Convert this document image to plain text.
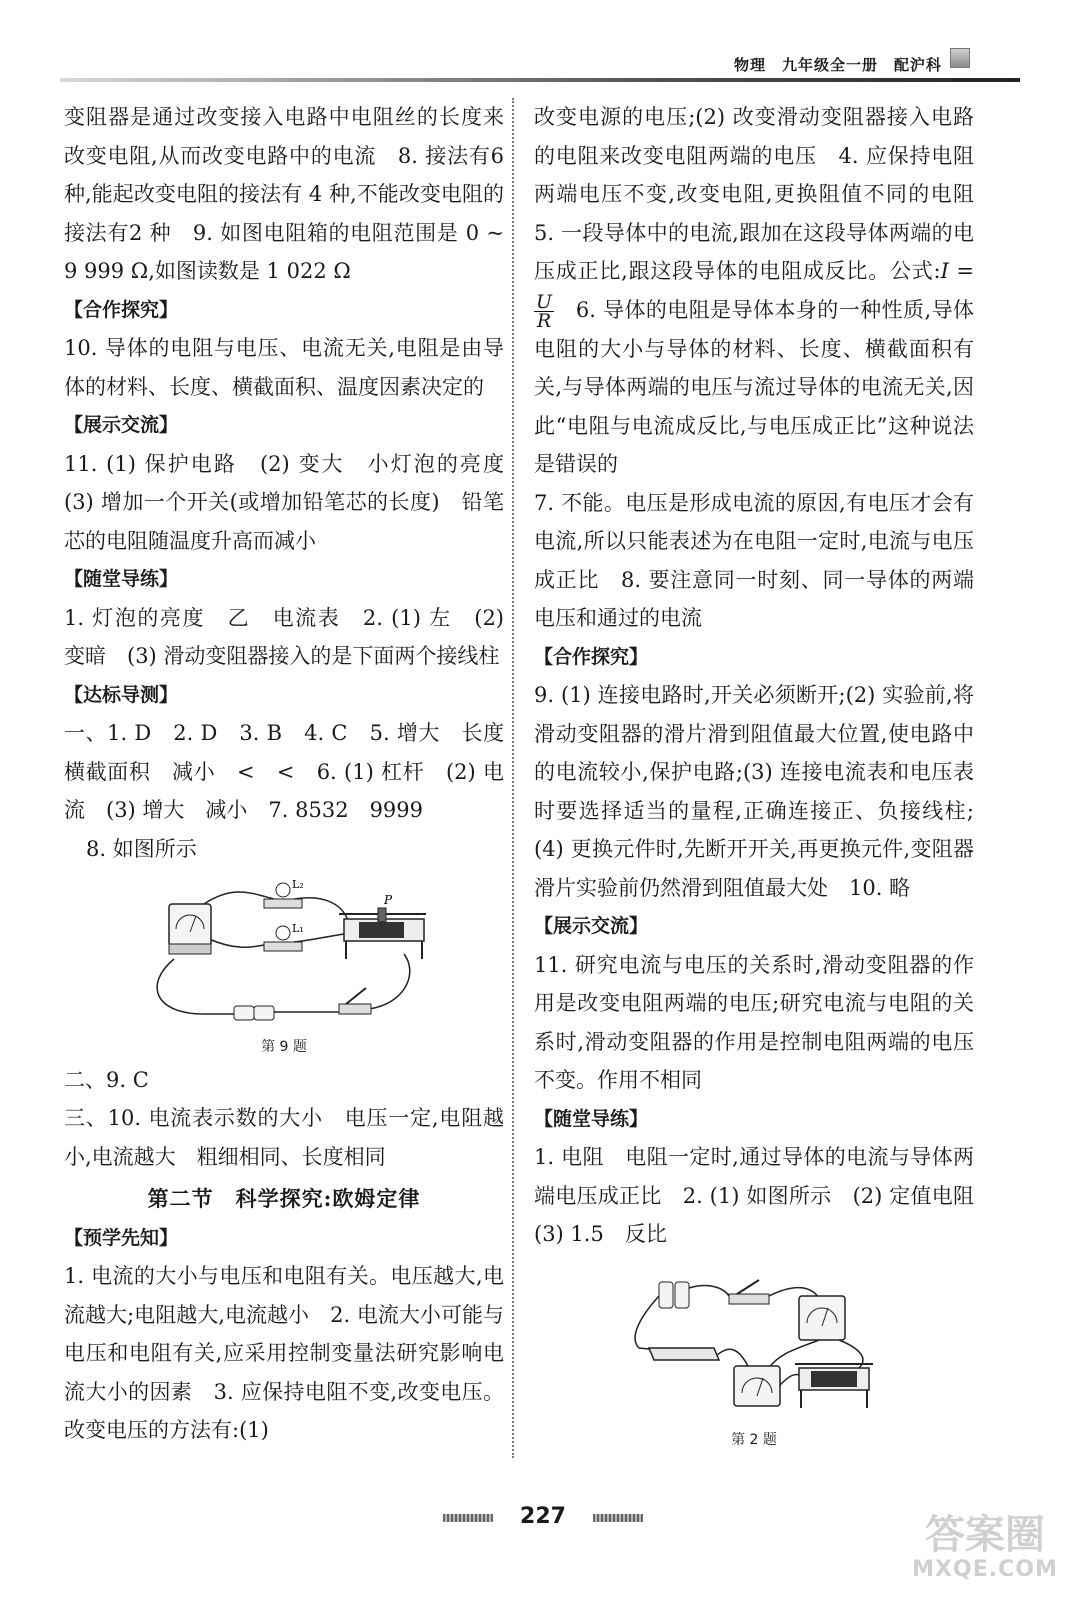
物理　九年级全一册　配沪科

变阻器是通过改变接入电路中电阻丝的长度来改变电阻,从而改变电路中的电流　8. 接法有6 种,能起改变电阻的接法有 4 种,不能改变电阻的接法有2 种　9. 如图电阻箱的电阻范围是 0 ~ 9 999 Ω,如图读数是 1 022 Ω

【合作探究】

10. 导体的电阻与电压、电流无关,电阻是由导体的材料、长度、横截面积、温度因素决定的

【展示交流】

11. (1) 保护电路　(2) 变大　小灯泡的亮度　(3) 增加一个开关(或增加铅笔芯的长度)　铅笔芯的电阻随温度升高而减小

【随堂导练】

1. 灯泡的亮度　乙　电流表　2. (1) 左　(2) 变暗　(3) 滑动变阻器接入的是下面两个接线柱

【达标导测】

一、1. D　2. D　3. B　4. C　5. 增大　长度　横截面积　减小　<　<　6. (1) 杠杆　(2) 电流　(3) 增大　减小　7. 8532　9999

8. 如图所示

L₂
L₁
P

第 9 题

二、9. C

三、10. 电流表示数的大小　电压一定,电阻越小,电流越大　粗细相同、长度相同

第二节　科学探究:欧姆定律

【预学先知】

1. 电流的大小与电压和电阻有关。电压越大,电流越大;电阻越大,电流越小　2. 电流大小可能与电压和电阻有关,应采用控制变量法研究影响电流大小的因素　3. 应保持电阻不变,改变电压。改变电压的方法有:(1)

改变电源的电压;(2) 改变滑动变阻器接入电路的电阻来改变电阻两端的电压　4. 应保持电阻两端电压不变,改变电阻,更换阻值不同的电阻　5. 一段导体中的电流,跟加在这段导体两端的电压成正比,跟这段导体的电阻成反比。公式:I =
$\frac{U}{R}$ 　6. 导体的电阻是导体本身的一种性质,导体电阻的大小与导体的材料、长度、横截面积有关,与导体两端的电压与流过导体的电流无关,因此“电阻与电流成反比,与电压成正比”这种说法是错误的

7. 不能。电压是形成电流的原因,有电压才会有电流,所以只能表述为在电阻一定时,电流与电压成正比　8. 要注意同一时刻、同一导体的两端电压和通过的电流

【合作探究】

9. (1) 连接电路时,开关必须断开;(2) 实验前,将滑动变阻器的滑片滑到阻值最大位置,使电路中的电流较小,保护电路;(3) 连接电流表和电压表时要选择适当的量程,正确连接正、负接线柱;(4) 更换元件时,先断开开关,再更换元件,变阻器滑片实验前仍然滑到阻值最大处　10. 略

【展示交流】

11. 研究电流与电压的关系时,滑动变阻器的作用是改变电阻两端的电压;研究电流与电阻的关系时,滑动变阻器的作用是控制电阻两端的电压不变。作用不相同

【随堂导练】

1. 电阻　电阻一定时,通过导体的电流与导体两端电压成正比　2. (1) 如图所示　(2) 定值电阻　(3) 1.5　反比

第 2 题

227	答案圈
MXQE.COM
